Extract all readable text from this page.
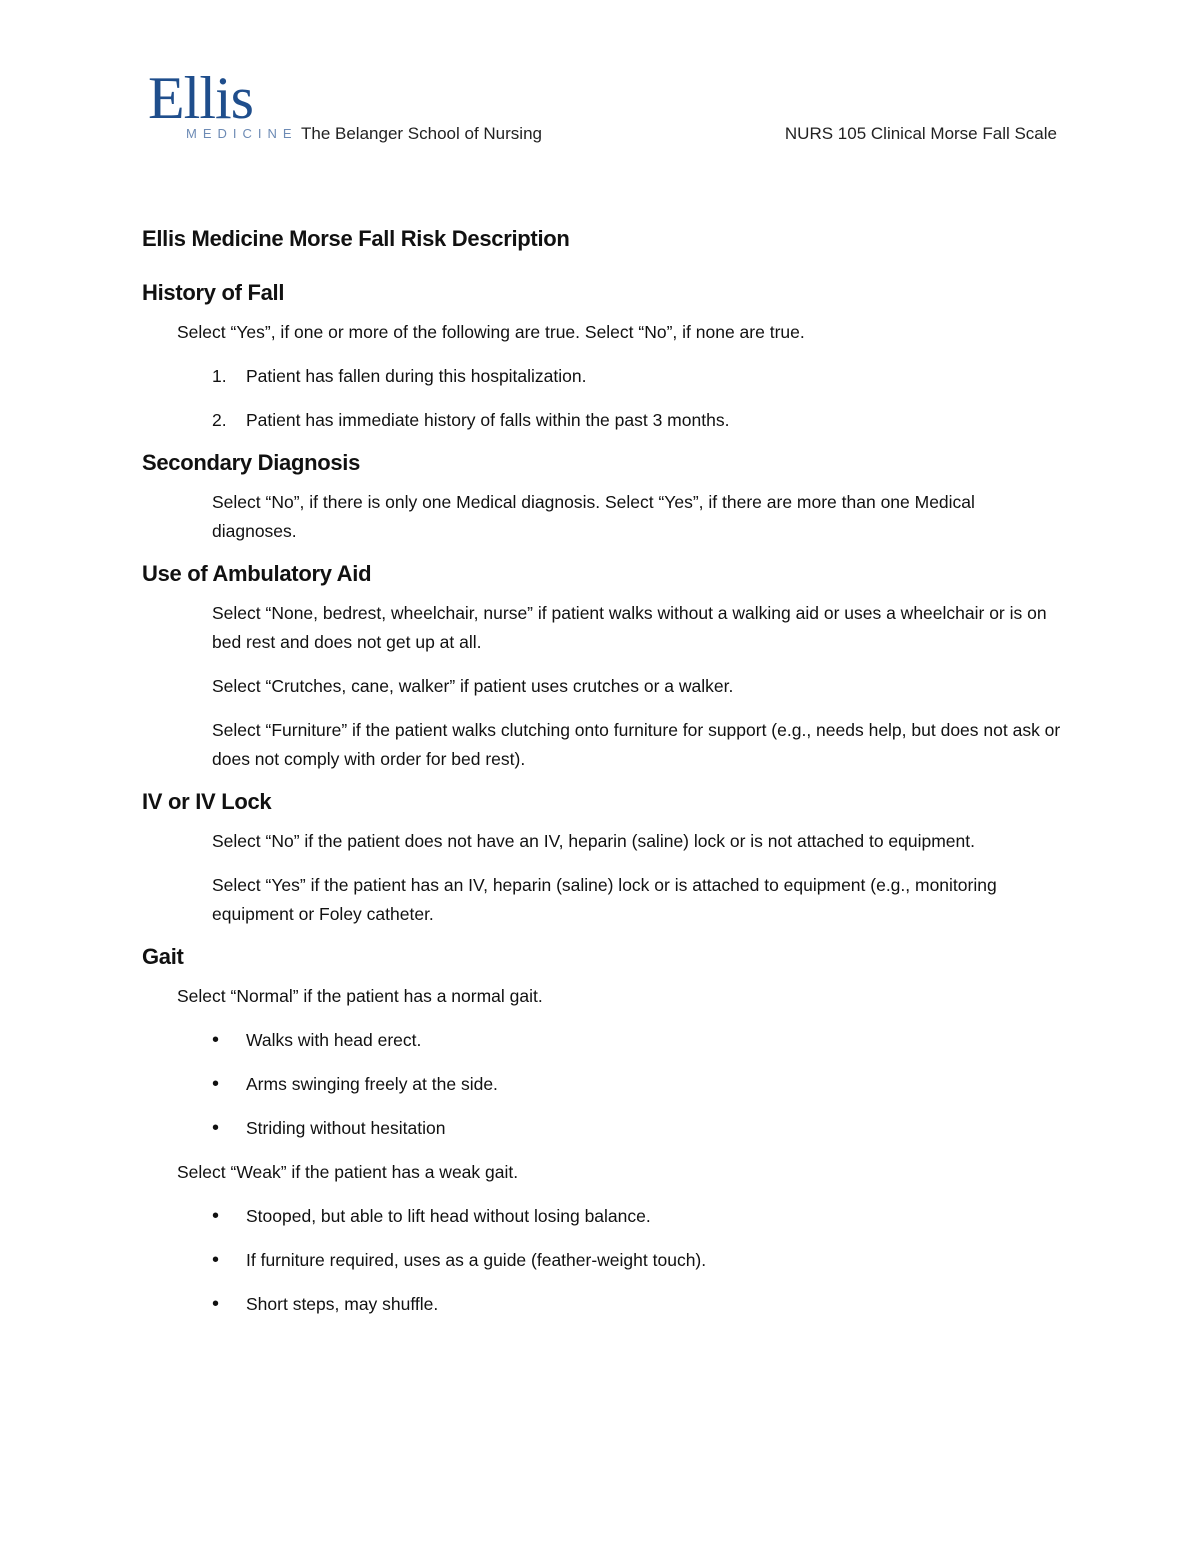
Ellis
MEDICINE The Belanger School of Nursing	NURS 105 Clinical Morse Fall Scale
Ellis Medicine Morse Fall Risk Description
History of Fall

Select “Yes”, if one or more of the following are true. Select “No”, if none are true.

1.	Patient has fallen during this hospitalization.
2.	Patient has immediate history of falls within the past 3 months.
Secondary Diagnosis

Select “No”, if there is only one Medical diagnosis. Select “Yes”, if there are more than one Medical diagnoses.

Use of Ambulatory Aid

Select “None, bedrest, wheelchair, nurse” if patient walks without a walking aid or uses a wheelchair or is on bed rest and does not get up at all.

Select “Crutches, cane, walker” if patient uses crutches or a walker.

Select “Furniture” if the patient walks clutching onto furniture for support (e.g., needs help, but does not ask or does not comply with order for bed rest).

IV or IV Lock

Select “No” if the patient does not have an IV, heparin (saline) lock or is not attached to equipment.

Select “Yes” if the patient has an IV, heparin (saline) lock or is attached to equipment (e.g., monitoring equipment or Foley catheter.

Gait

Select “Normal” if the patient has a normal gait.

•	Walks with head erect.
•	Arms swinging freely at the side.
•	Striding without hesitation

Select “Weak” if the patient has a weak gait.

•	Stooped, but able to lift head without losing balance.
•	If furniture required, uses as a guide (feather-weight touch).
•	Short steps, may shuffle.
